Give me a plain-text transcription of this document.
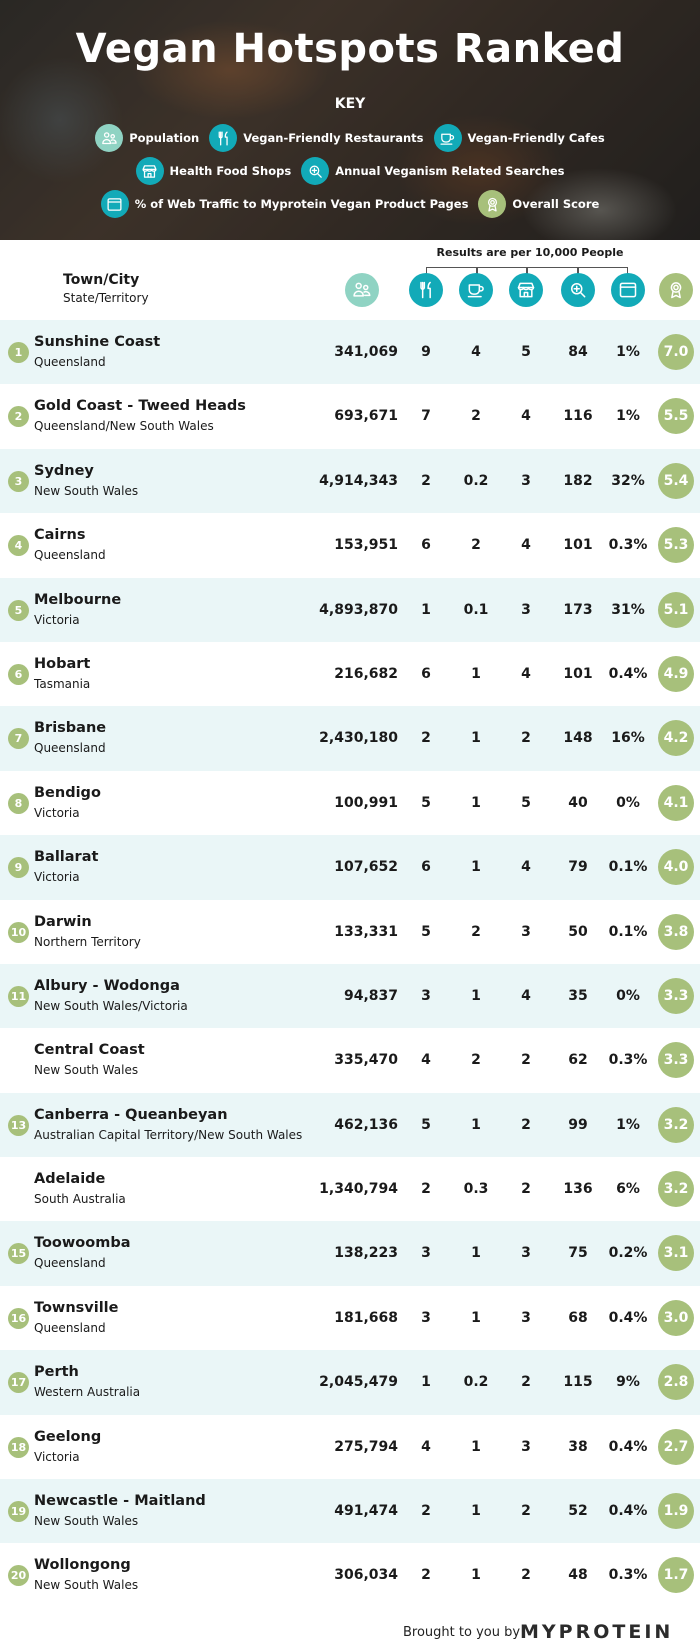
Vegan Hotspots Ranked
KEY
Population	Vegan-Friendly Restaurants	Vegan-Friendly Cafes
Health Food Shops	Annual Veganism Related Searches
% of Web Traffic to Myprotein Vegan Product Pages	Overall Score
Results are per 10,000 People
Town/City
State/Territory
1
Sunshine Coast
Queensland
341,069	9	4	5	84	1%	7.0
2
Gold Coast - Tweed Heads
Queensland/New South Wales
693,671	7	2	4	116	1%	5.5
3
Sydney
New South Wales
4,914,343	2	0.2	3	182	32%	5.4
4
Cairns
Queensland
153,951	6	2	4	101	0.3%	5.3
5
Melbourne
Victoria
4,893,870	1	0.1	3	173	31%	5.1
6
Hobart
Tasmania
216,682	6	1	4	101	0.4%	4.9
7
Brisbane
Queensland
2,430,180	2	1	2	148	16%	4.2
8
Bendigo
Victoria
100,991	5	1	5	40	0%	4.1
9
Ballarat
Victoria
107,652	6	1	4	79	0.1%	4.0
10
Darwin
Northern Territory
133,331	5	2	3	50	0.1%	3.8
11
Albury - Wodonga
New South Wales/Victoria
94,837	3	1	4	35	0%	3.3
Central Coast
New South Wales
335,470	4	2	2	62	0.3%	3.3
13
Canberra - Queanbeyan
Australian Capital Territory/New South Wales
462,136	5	1	2	99	1%	3.2
Adelaide
South Australia
1,340,794	2	0.3	2	136	6%	3.2
15
Toowoomba
Queensland
138,223	3	1	3	75	0.2%	3.1
16
Townsville
Queensland
181,668	3	1	3	68	0.4%	3.0
17
Perth
Western Australia
2,045,479	1	0.2	2	115	9%	2.8
18
Geelong
Victoria
275,794	4	1	3	38	0.4%	2.7
19
Newcastle - Maitland
New South Wales
491,474	2	1	2	52	0.4%	1.9
20
Wollongong
New South Wales
306,034	2	1	2	48	0.3%	1.7
Brought to you by MYPROTEIN
